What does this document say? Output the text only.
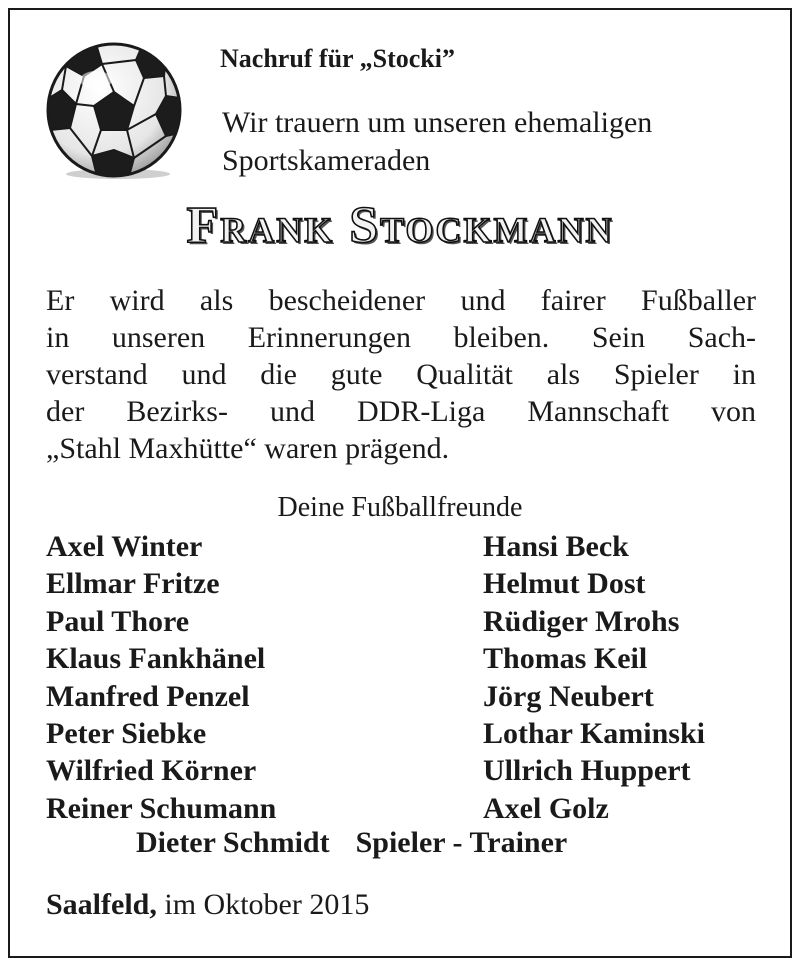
Nachruf für „Stocki”
Wir trauern um unseren ehemaligen
Sportskameraden
Frank Stockmann
Er wird als bescheidener und fairer Fußballer
in unseren Erinnerungen bleiben. Sein Sach-
verstand und die gute Qualität als Spieler in
der Bezirks- und DDR-Liga Mannschaft von
„Stahl Maxhütte“ waren prägend.
Deine Fußballfreunde
Axel Winter
Ellmar Fritze
Paul Thore
Klaus Fankhänel
Manfred Penzel
Peter Siebke
Wilfried Körner
Reiner Schumann
Hansi Beck
Helmut Dost
Rüdiger Mrohs
Thomas Keil
Jörg Neubert
Lothar Kaminski
Ullrich Huppert
Axel Golz
Dieter Schmidt Spieler - Trainer
Saalfeld, im Oktober 2015
